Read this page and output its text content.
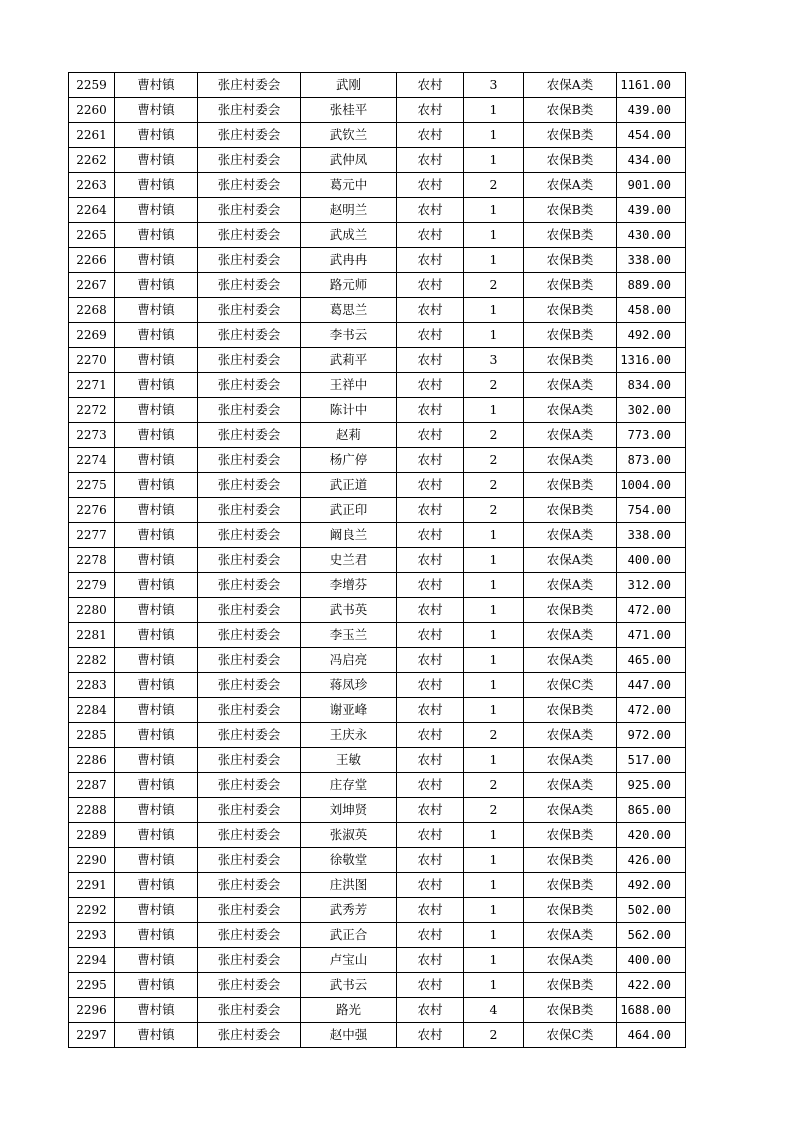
2259	曹村镇	张庄村委会	武刚	农村	3	农保A类	1161.00
2260	曹村镇	张庄村委会	张桂平	农村	1	农保B类	439.00
2261	曹村镇	张庄村委会	武钦兰	农村	1	农保B类	454.00
2262	曹村镇	张庄村委会	武仲凤	农村	1	农保B类	434.00
2263	曹村镇	张庄村委会	葛元中	农村	2	农保A类	901.00
2264	曹村镇	张庄村委会	赵明兰	农村	1	农保B类	439.00
2265	曹村镇	张庄村委会	武成兰	农村	1	农保B类	430.00
2266	曹村镇	张庄村委会	武冉冉	农村	1	农保B类	338.00
2267	曹村镇	张庄村委会	路元师	农村	2	农保B类	889.00
2268	曹村镇	张庄村委会	葛思兰	农村	1	农保B类	458.00
2269	曹村镇	张庄村委会	李书云	农村	1	农保B类	492.00
2270	曹村镇	张庄村委会	武莉平	农村	3	农保B类	1316.00
2271	曹村镇	张庄村委会	王祥中	农村	2	农保A类	834.00
2272	曹村镇	张庄村委会	陈计中	农村	1	农保A类	302.00
2273	曹村镇	张庄村委会	赵莉	农村	2	农保A类	773.00
2274	曹村镇	张庄村委会	杨广停	农村	2	农保A类	873.00
2275	曹村镇	张庄村委会	武正道	农村	2	农保B类	1004.00
2276	曹村镇	张庄村委会	武正印	农村	2	农保B类	754.00
2277	曹村镇	张庄村委会	阚良兰	农村	1	农保A类	338.00
2278	曹村镇	张庄村委会	史兰君	农村	1	农保A类	400.00
2279	曹村镇	张庄村委会	李增芬	农村	1	农保A类	312.00
2280	曹村镇	张庄村委会	武书英	农村	1	农保B类	472.00
2281	曹村镇	张庄村委会	李玉兰	农村	1	农保A类	471.00
2282	曹村镇	张庄村委会	冯启亮	农村	1	农保A类	465.00
2283	曹村镇	张庄村委会	蒋凤珍	农村	1	农保C类	447.00
2284	曹村镇	张庄村委会	谢亚峰	农村	1	农保B类	472.00
2285	曹村镇	张庄村委会	王庆永	农村	2	农保A类	972.00
2286	曹村镇	张庄村委会	王敏	农村	1	农保A类	517.00
2287	曹村镇	张庄村委会	庄存堂	农村	2	农保A类	925.00
2288	曹村镇	张庄村委会	刘坤贤	农村	2	农保A类	865.00
2289	曹村镇	张庄村委会	张淑英	农村	1	农保B类	420.00
2290	曹村镇	张庄村委会	徐敬堂	农村	1	农保B类	426.00
2291	曹村镇	张庄村委会	庄洪图	农村	1	农保B类	492.00
2292	曹村镇	张庄村委会	武秀芳	农村	1	农保B类	502.00
2293	曹村镇	张庄村委会	武正合	农村	1	农保A类	562.00
2294	曹村镇	张庄村委会	卢宝山	农村	1	农保A类	400.00
2295	曹村镇	张庄村委会	武书云	农村	1	农保B类	422.00
2296	曹村镇	张庄村委会	路光	农村	4	农保B类	1688.00
2297	曹村镇	张庄村委会	赵中强	农村	2	农保C类	464.00
